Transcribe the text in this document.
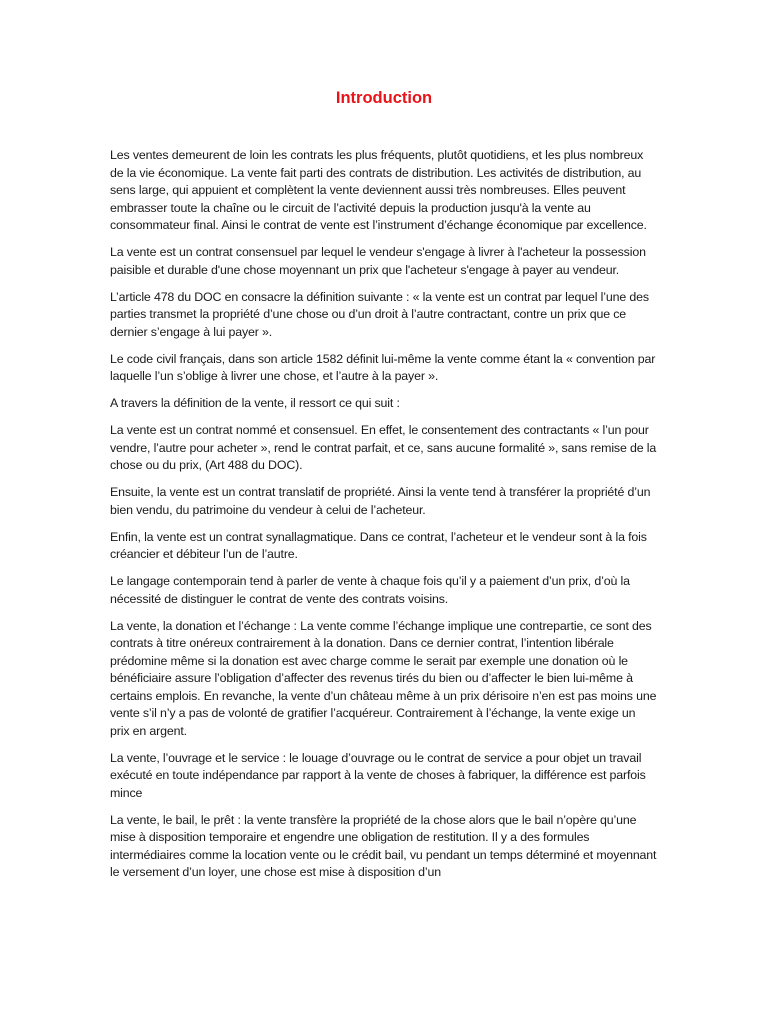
Introduction

Les ventes demeurent de loin les contrats les plus fréquents, plutôt quotidiens, et les plus nombreux de la vie économique. La vente fait parti des contrats de distribution. Les activités de distribution, au sens large, qui appuient et complètent la vente deviennent aussi très nombreuses. Elles peuvent embrasser toute la chaîne ou le circuit de l’activité depuis la production jusqu'à la vente au consommateur final. Ainsi le contrat de vente est l’instrument d’échange économique par excellence.

La vente est un contrat consensuel par lequel le vendeur s'engage à livrer à l'acheteur la possession paisible et durable d'une chose moyennant un prix que l'acheteur s'engage à payer au vendeur.

L’article 478 du DOC en consacre la définition suivante : « la vente est un contrat par lequel l’une des parties transmet la propriété d’une chose ou d’un droit à l’autre contractant, contre un prix que ce dernier s’engage à lui payer ».

Le code civil français, dans son article 1582 définit lui-même la vente comme étant la « convention par laquelle l’un s’oblige à livrer une chose, et l’autre à la payer ».

A travers la définition de la vente, il ressort ce qui suit :

La vente est un contrat nommé et consensuel. En effet, le consentement des contractants « l’un pour vendre, l’autre pour acheter », rend le contrat parfait, et ce, sans aucune formalité », sans remise de la chose ou du prix, (Art 488 du DOC).

Ensuite, la vente est un contrat translatif de propriété. Ainsi la vente tend à transférer la propriété d’un bien vendu, du patrimoine du vendeur à celui de l’acheteur.

Enfin, la vente est un contrat synallagmatique. Dans ce contrat, l’acheteur et le vendeur sont à la fois créancier et débiteur l’un de l’autre.

Le langage contemporain tend à parler de vente à chaque fois qu’il y a paiement d’un prix, d’où la nécessité de distinguer le contrat de vente des contrats voisins.

La vente, la donation et l’échange : La vente comme l’échange implique une contrepartie, ce sont des contrats à titre onéreux contrairement à la donation. Dans ce dernier contrat, l’intention libérale prédomine même si la donation est avec charge comme le serait par exemple une donation où le bénéficiaire assure l’obligation d’affecter des revenus tirés du bien ou d’affecter le bien lui-même à certains emplois. En revanche, la vente d’un château même à un prix dérisoire n’en est pas moins une vente s’il n’y a pas de volonté de gratifier l’acquéreur. Contrairement à l’échange, la vente exige un prix en argent.

La vente, l’ouvrage et le service : le louage d’ouvrage ou le contrat de service a pour objet un travail exécuté en toute indépendance par rapport à la vente de choses à fabriquer, la différence est parfois mince

La vente, le bail, le prêt : la vente transfère la propriété de la chose alors que le bail n’opère qu’une mise à disposition temporaire et engendre une obligation de restitution. Il y a des formules intermédiaires comme la location vente ou le crédit bail, vu pendant un temps déterminé et moyennant le versement d’un loyer, une chose est mise à disposition d’un
